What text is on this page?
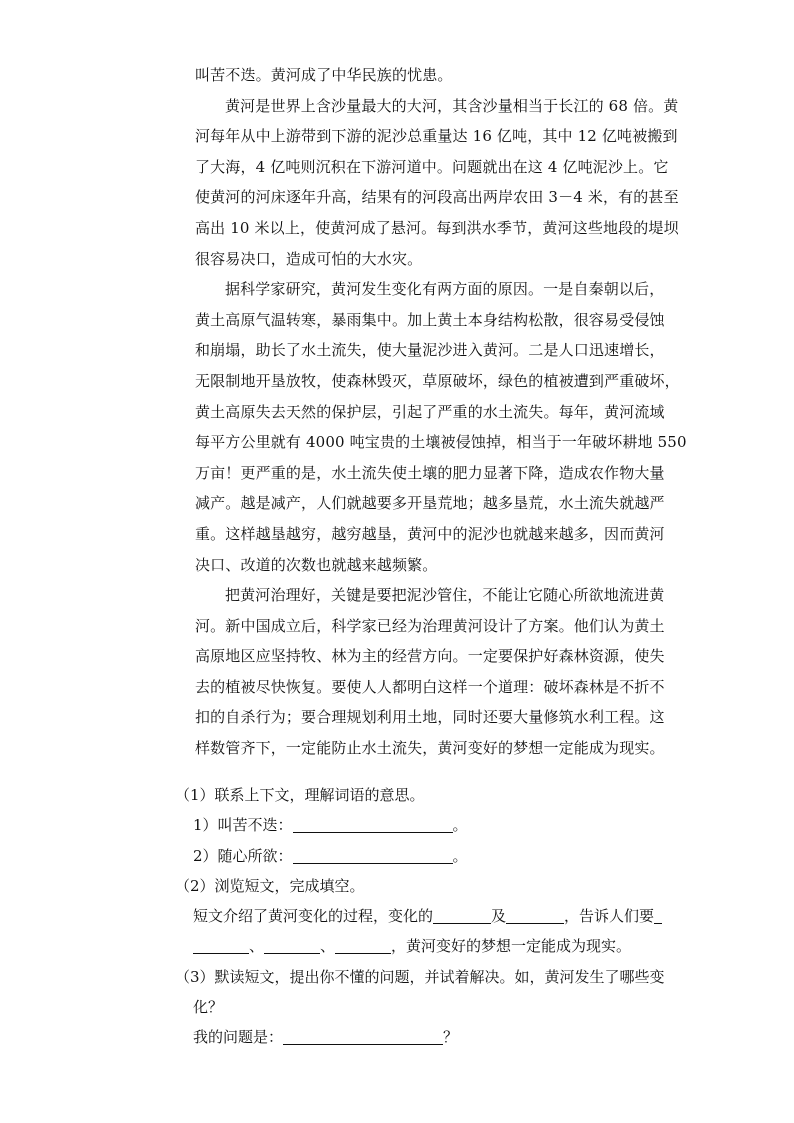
叫苦不迭。黄河成了中华民族的忧患。
黄河是世界上含沙量最大的大河，其含沙量相当于长江的 68 倍。黄
河每年从中上游带到下游的泥沙总重量达 16 亿吨，其中 12 亿吨被搬到
了大海，4 亿吨则沉积在下游河道中。问题就出在这 4 亿吨泥沙上。它
使黄河的河床逐年升高，结果有的河段高出两岸农田 3－4 米，有的甚至
高出 10 米以上，使黄河成了悬河。每到洪水季节，黄河这些地段的堤坝
很容易决口，造成可怕的大水灾。
据科学家研究，黄河发生变化有两方面的原因。一是自秦朝以后，
黄土高原气温转寒，暴雨集中。加上黄土本身结构松散，很容易受侵蚀
和崩塌，助长了水土流失，使大量泥沙进入黄河。二是人口迅速增长，
无限制地开垦放牧，使森林毁灭，草原破坏，绿色的植被遭到严重破坏，
黄土高原失去天然的保护层，引起了严重的水土流失。每年，黄河流域
每平方公里就有 4000 吨宝贵的土壤被侵蚀掉，相当于一年破坏耕地 550
万亩！更严重的是，水土流失使土壤的肥力显著下降，造成农作物大量
减产。越是减产，人们就越要多开垦荒地；越多垦荒，水土流失就越严
重。这样越垦越穷，越穷越垦，黄河中的泥沙也就越来越多，因而黄河
决口、改道的次数也就越来越频繁。
把黄河治理好，关键是要把泥沙管住，不能让它随心所欲地流进黄
河。新中国成立后，科学家已经为治理黄河设计了方案。他们认为黄土
高原地区应坚持牧、林为主的经营方向。一定要保护好森林资源，使失
去的植被尽快恢复。要使人人都明白这样一个道理：破坏森林是不折不
扣的自杀行为；要合理规划利用土地，同时还要大量修筑水利工程。这
样数管齐下，一定能防止水土流失，黄河变好的梦想一定能成为现实。
（1）联系上下文，理解词语的意思。
1）叫苦不迭：	。
2）随心所欲：	。
（2）浏览短文，完成填空。
短文介绍了黄河变化的过程，变化的	及	，告诉人们要
、	、	，黄河变好的梦想一定能成为现实。
（3）默读短文，提出你不懂的问题，并试着解决。如，黄河发生了哪些变
化？
我的问题是：	？
